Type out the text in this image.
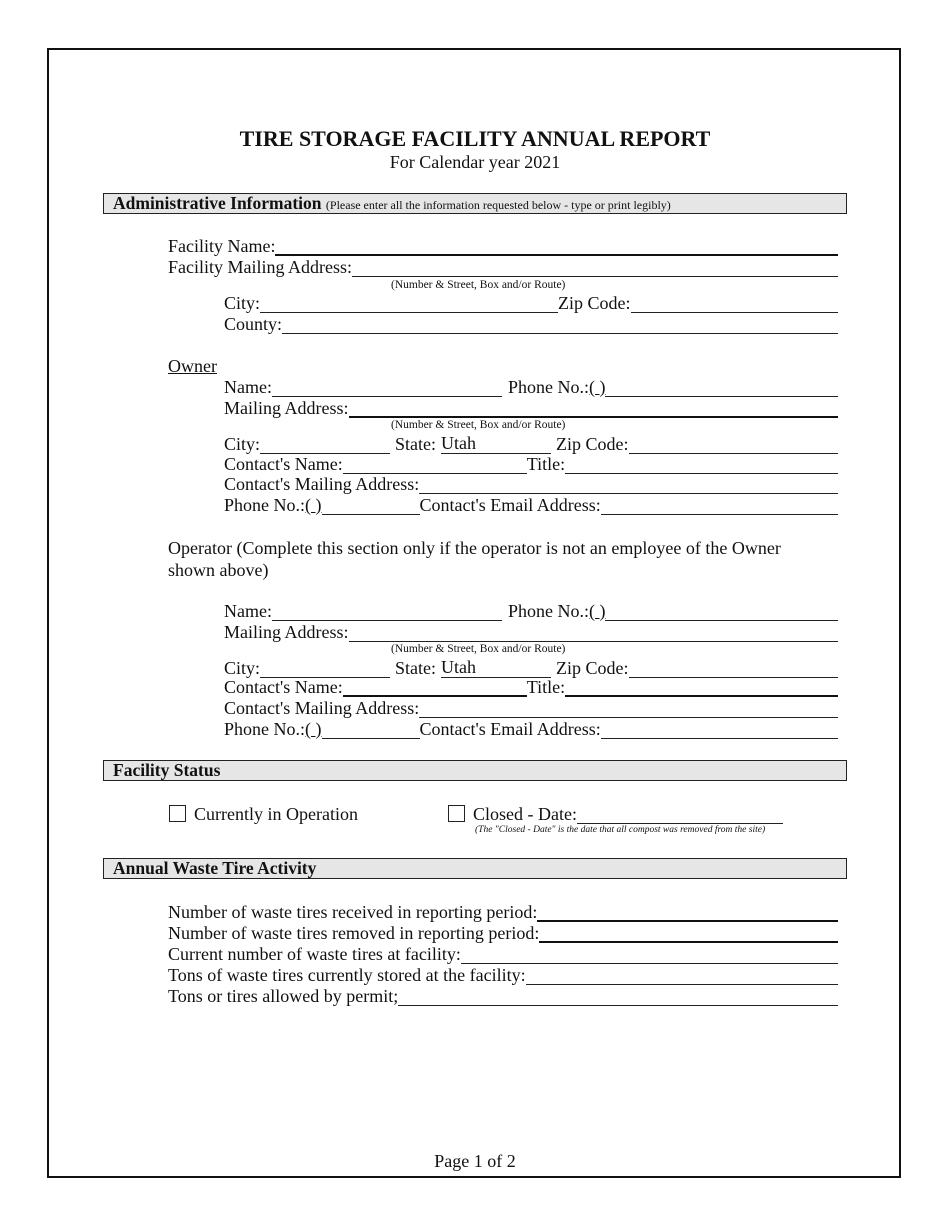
TIRE STORAGE FACILITY ANNUAL REPORT
For Calendar year 2021
Administrative Information (Please enter all the information requested below - type or print legibly)
Facility Name:
Facility Mailing Address:
(Number & Street, Box and/or Route)
City:	Zip Code:
County:
Owner
Name:	Phone No.: ( )
Mailing Address:
(Number & Street, Box and/or Route)
City:	State: Utah	Zip Code:
Contact's Name:	Title:
Contact's Mailing Address:
Phone No.: ( )	Contact's Email Address:
Operator (Complete this section only if the operator is not an employee of the Owner
shown above)
Name:	Phone No.: ( )
Mailing Address:
(Number & Street, Box and/or Route)
City:	State: Utah	Zip Code:
Contact's Name:	Title:
Contact's Mailing Address:
Phone No.: ( )	Contact's Email Address:
Facility Status
Currently in Operation	Closed - Date:
(The "Closed - Date" is the date that all compost was removed from the site)
Annual Waste Tire Activity
Number of waste tires received in reporting period:
Number of waste tires removed in reporting period:
Current number of waste tires at facility:
Tons of waste tires currently stored at the facility:
Tons or tires allowed by permit;
Page 1 of 2
